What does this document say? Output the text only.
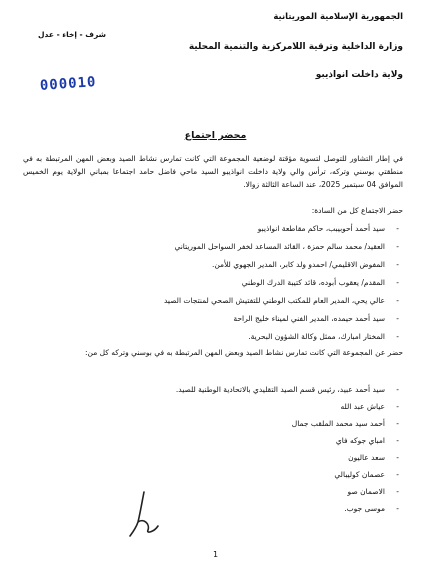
الجمهورية الإسلامية الموريتانية
شرف - إخاء - عدل
وزارة الداخلية وترقية اللامركزية والتنمية المحلية
ولاية داخلت انواذيبو
000010
محضر اجتماع
في إطار التشاور للتوصل لتسوية مؤقتة لوضعية المجموعة التي كانت تمارس نشاط الصيد وبعض المهن المرتبطة به في منطقتي بوسني وتركه، ترأس والي ولاية داخلت انواذيبو السيد ماحي فاضل حامد اجتماعا بمباني الولاية يوم الخميس الموافق 04 سبتمبر 2025، عند الساعة الثالثة زوالا.
حضر الاجتماع كل من السادة:
- سيد أحمد أحوبيبب، حاكم مقاطعة انواذيبو
- العقيد/ محمد سالم حمزة ، القائد المساعد لخفر السواحل الموريتاني
- المفوض الاقليمي/ احمدو ولد كابر، المدير الجهوي للأمن.
- المقدم/ يعقوب أبوده، قائد كتيبة الدرك الوطني
- عالي يحي، المدير العام للمكتب الوطني للتفتيش الصحي لمنتجات الصيد
- سيد أحمد حيمده، المدير الفني لميناء خليج الراحة
- المختار امبارك، ممثل وكالة الشؤون البحرية.
حضر عن المجموعة التي كانت تمارس نشاط الصيد وبعض المهن المرتبطة به في بوسني وتركه كل من:
- سيد أحمد عبيد، رئيس قسم الصيد التقليدي بالاتحادية الوطنية للصيد.
- عياش عبد الله
- أحمد سيد محمد الملقب جمال
- امباي جوكه فاي
- سعد عاليون
- عصمان كوليبالي
- الاصمان صو
- موسى جوب.
1
